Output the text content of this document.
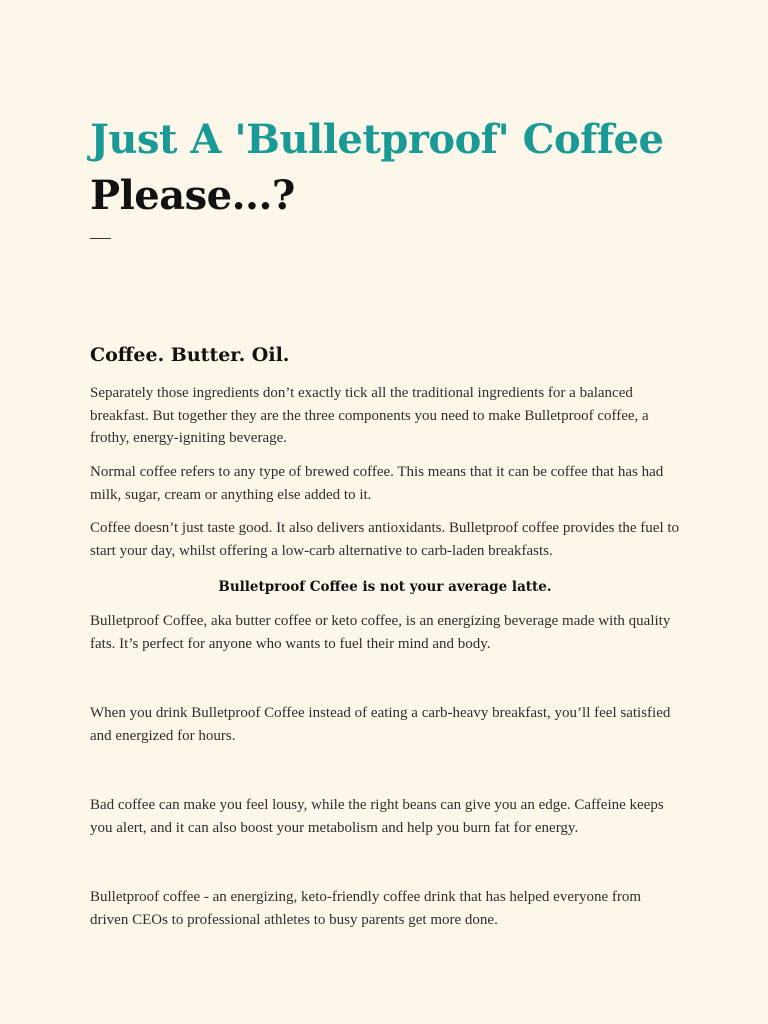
Just A 'Bulletproof' Coffee
Please...?
Coffee. Butter. Oil.

Separately those ingredients don’t exactly tick all the traditional ingredients for a balanced breakfast. But together they are the three components you need to make Bulletproof coffee, a frothy, energy-igniting beverage.

Normal coffee refers to any type of brewed coffee. This means that it can be coffee that has had milk, sugar, cream or anything else added to it.

Coffee doesn’t just taste good. It also delivers antioxidants. Bulletproof coffee provides the fuel to start your day, whilst offering a low-carb alternative to carb-laden breakfasts.

Bulletproof Coffee is not your average latte.

Bulletproof Coffee, aka butter coffee or keto coffee, is an energizing beverage made with quality fats. It’s perfect for anyone who wants to fuel their mind and body.

When you drink Bulletproof Coffee instead of eating a carb-heavy breakfast, you’ll feel satisfied and energized for hours.

Bad coffee can make you feel lousy, while the right beans can give you an edge. Caffeine keeps you alert, and it can also boost your metabolism and help you burn fat for energy.

Bulletproof coffee - an energizing, keto-friendly coffee drink that has helped everyone from driven CEOs to professional athletes to busy parents get more done.
